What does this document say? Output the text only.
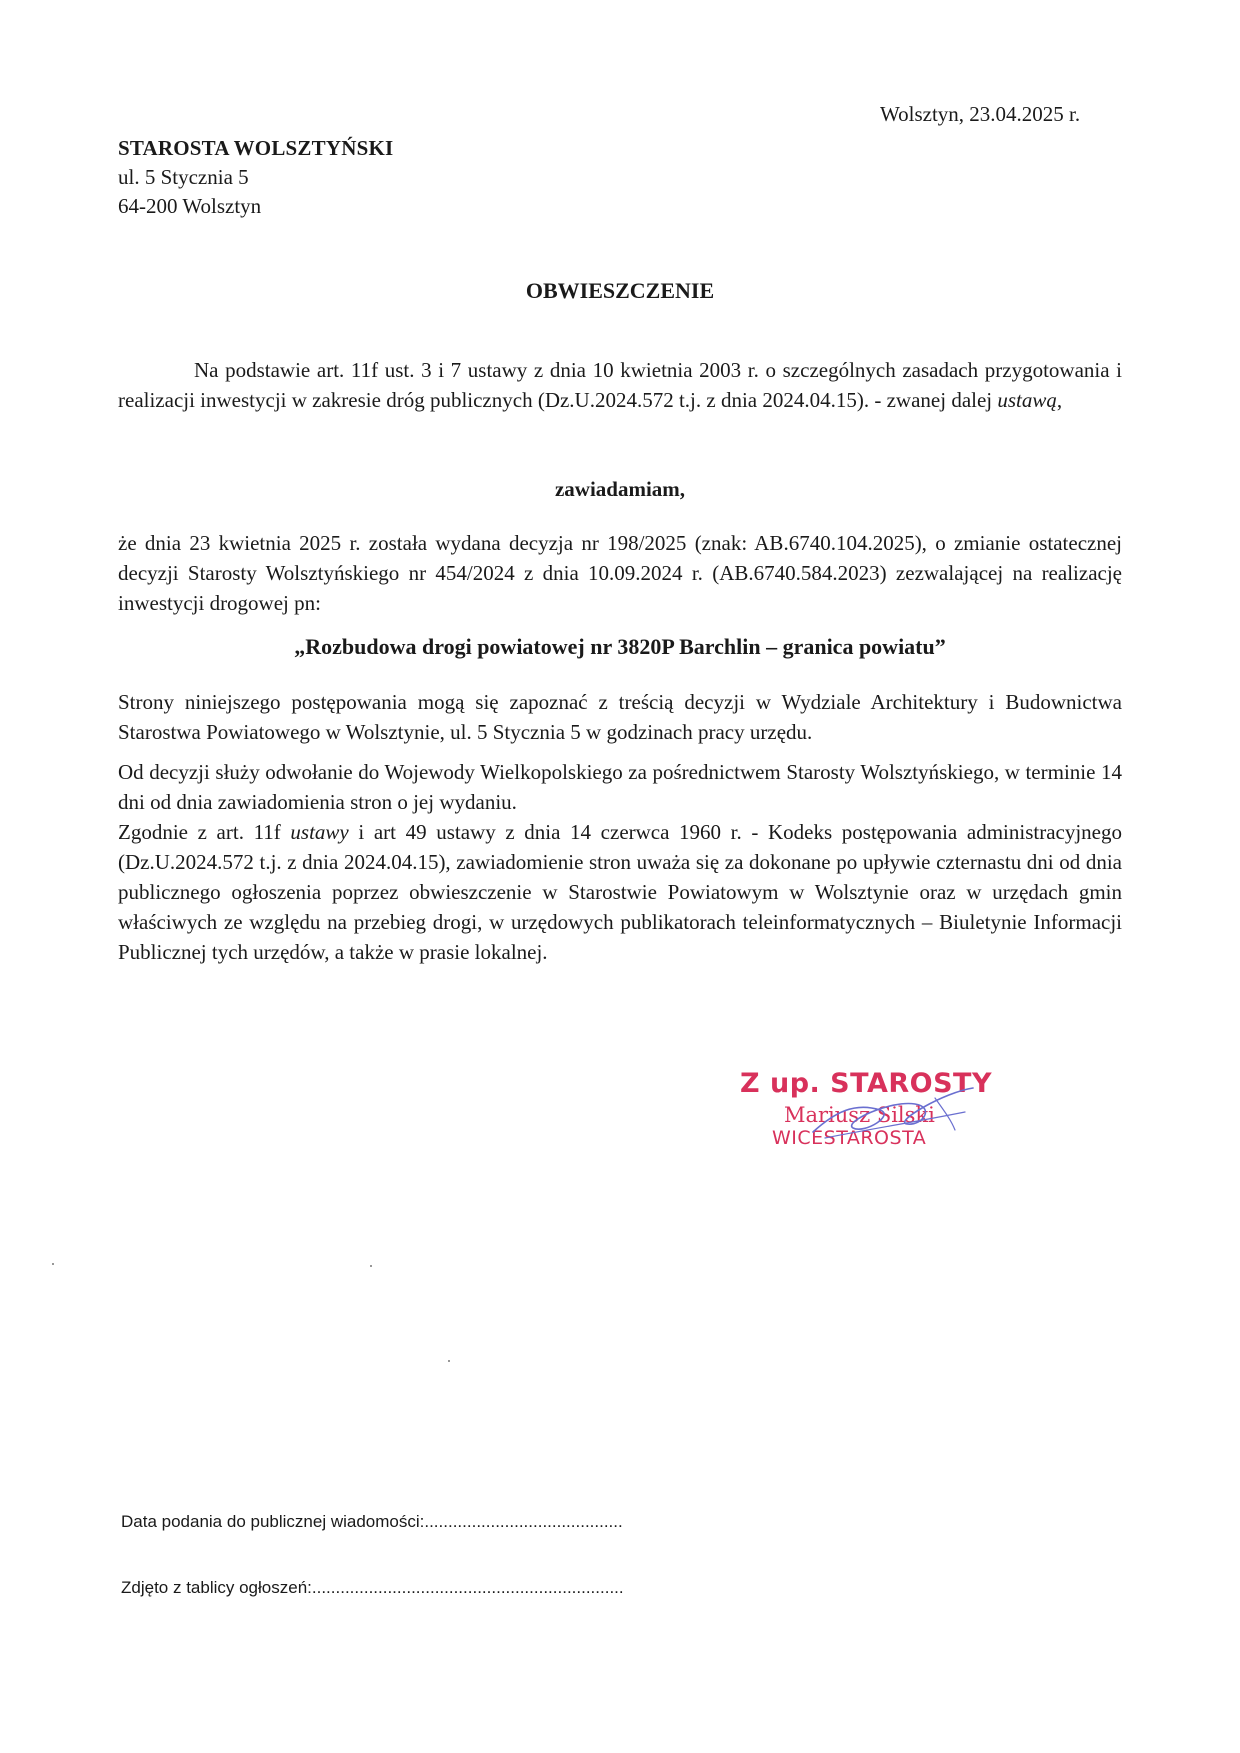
Wolsztyn, 23.04.2025 r.
STAROSTA WOLSZTYŃSKI
ul. 5 Stycznia 5
64-200 Wolsztyn
OBWIESZCZENIE

Na podstawie art. 11f ust. 3 i 7 ustawy z dnia 10 kwietnia 2003 r. o szczególnych zasadach przygotowania i realizacji inwestycji w zakresie dróg publicznych (Dz.U.2024.572 t.j. z dnia 2024.04.15). - zwanej dalej ustawą,

zawiadamiam,

że dnia 23 kwietnia 2025 r. została wydana decyzja nr 198/2025 (znak: AB.6740.104.2025), o zmianie ostatecznej decyzji Starosty Wolsztyńskiego nr 454/2024 z dnia 10.09.2024 r. (AB.6740.584.2023) zezwalającej na realizację inwestycji drogowej pn:

„Rozbudowa drogi powiatowej nr 3820P Barchlin – granica powiatu”

Strony niniejszego postępowania mogą się zapoznać z treścią decyzji w Wydziale Architektury i Budownictwa Starostwa Powiatowego w Wolsztynie, ul. 5 Stycznia 5 w godzinach pracy urzędu.

Od decyzji służy odwołanie do Wojewody Wielkopolskiego za pośrednictwem Starosty Wolsztyńskiego, w terminie 14 dni od dnia zawiadomienia stron o jej wydaniu.

Zgodnie z art. 11f ustawy i art 49 ustawy z dnia 14 czerwca 1960 r. - Kodeks postępowania administracyjnego (Dz.U.2024.572 t.j. z dnia 2024.04.15), zawiadomienie stron uważa się za dokonane po upływie czternastu dni od dnia publicznego ogłoszenia poprzez obwieszczenie w Starostwie Powiatowym w Wolsztynie oraz w urzędach gmin właściwych ze względu na przebieg drogi, w urzędowych publikatorach teleinformatycznych – Biuletynie Informacji Publicznej tych urzędów, a także w prasie lokalnej.

Z up. STAROSTY
Mariusz Silski
WICESTAROSTA
Data podania do publicznej wiadomości:..........................................
Zdjęto z tablicy ogłoszeń:..................................................................
